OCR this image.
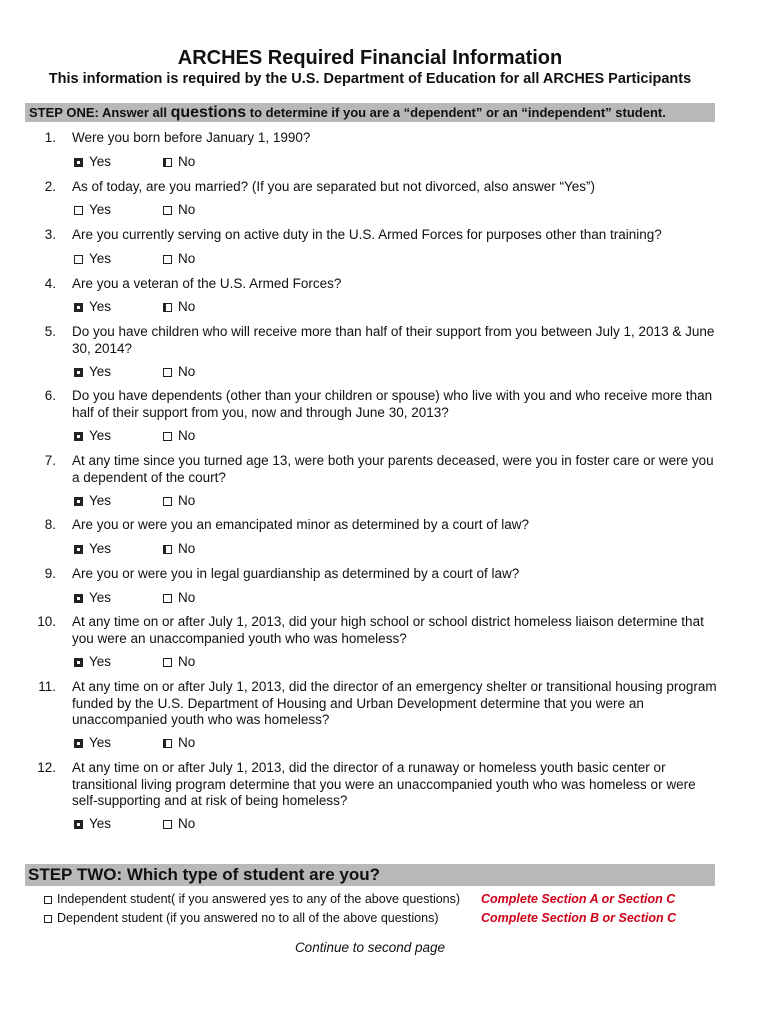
ARCHES Required Financial Information
This information is required by the U.S. Department of Education for all ARCHES Participants
STEP ONE: Answer all questions to determine if you are a “dependent” or an “independent” student.
1. Were you born before January 1, 1990?
Yes	No
2. As of today, are you married? (If you are separated but not divorced, also answer “Yes”)
Yes	No
3. Are you currently serving on active duty in the U.S. Armed Forces for purposes other than training?
Yes	No
4. Are you a veteran of the U.S. Armed Forces?
Yes	No
5. Do you have children who will receive more than half of their support from you between July 1, 2013 & June 30, 2014?
Yes	No
6. Do you have dependents (other than your children or spouse) who live with you and who receive more than half of their support from you, now and through June 30, 2013?
Yes	No
7. At any time since you turned age 13, were both your parents deceased, were you in foster care or were you a dependent of the court?
Yes	No
8. Are you or were you an emancipated minor as determined by a court of law?
Yes	No
9. Are you or were you in legal guardianship as determined by a court of law?
Yes	No
10. At any time on or after July 1, 2013, did your high school or school district homeless liaison determine that you were an unaccompanied youth who was homeless?
Yes	No
11. At any time on or after July 1, 2013, did the director of an emergency shelter or transitional housing program funded by the U.S. Department of Housing and Urban Development determine that you were an unaccompanied youth who was homeless?
Yes	No
12. At any time on or after July 1, 2013, did the director of a runaway or homeless youth basic center or transitional living program determine that you were an unaccompanied youth who was homeless or were self-supporting and at risk of being homeless?
Yes	No
STEP TWO: Which type of student are you?
Independent student( if you answered yes to any of the above questions) Complete Section A or Section C
Dependent student (if you answered no to all of the above questions)	Complete Section B or Section C
Continue to second page
